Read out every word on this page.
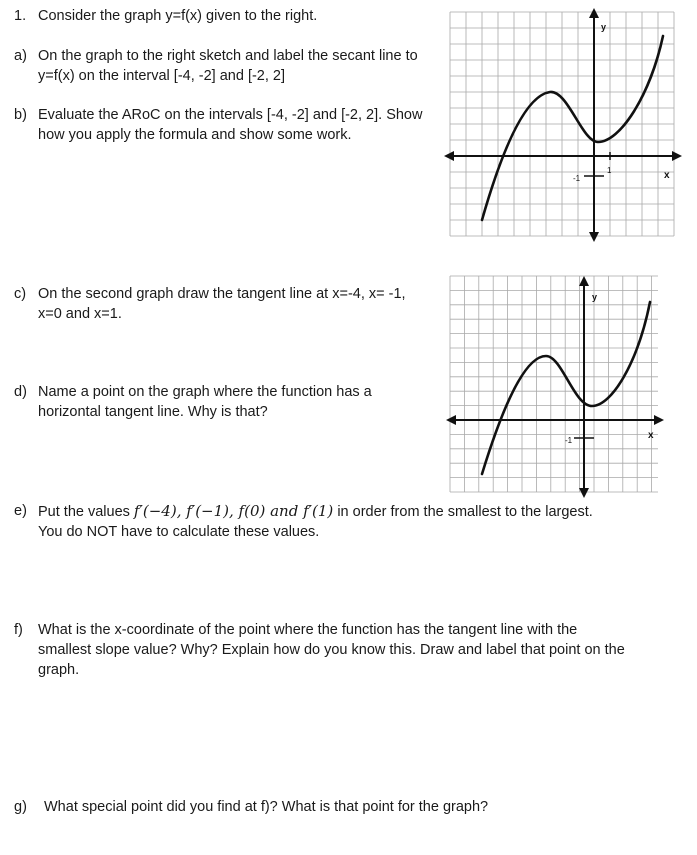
1. Consider the graph y=f(x) given to the right.
a) On the graph to the right sketch and label the secant line to
y=f(x) on the interval [-4, -2] and [-2, 2]
b) Evaluate the ARoC on the intervals [-4, -2] and [-2, 2]. Show
how you apply the formula and show some work.
c) On the second graph draw the tangent line at x=-4, x= -1,
x=0 and x=1.
d) Name a point on the graph where the function has a
horizontal tangent line. Why is that?
e) Put the values f′(−4), f′(−1), f(0) and f′(1) in order from the smallest to the largest.
You do NOT have to calculate these values.
f) What is the x-coordinate of the point where the function has the tangent line with the
smallest slope value? Why? Explain how do you know this. Draw and label that point on the
graph.
g) What special point did you find at f)? What is that point for the graph?
y
x
-1
1
y
x
-1
